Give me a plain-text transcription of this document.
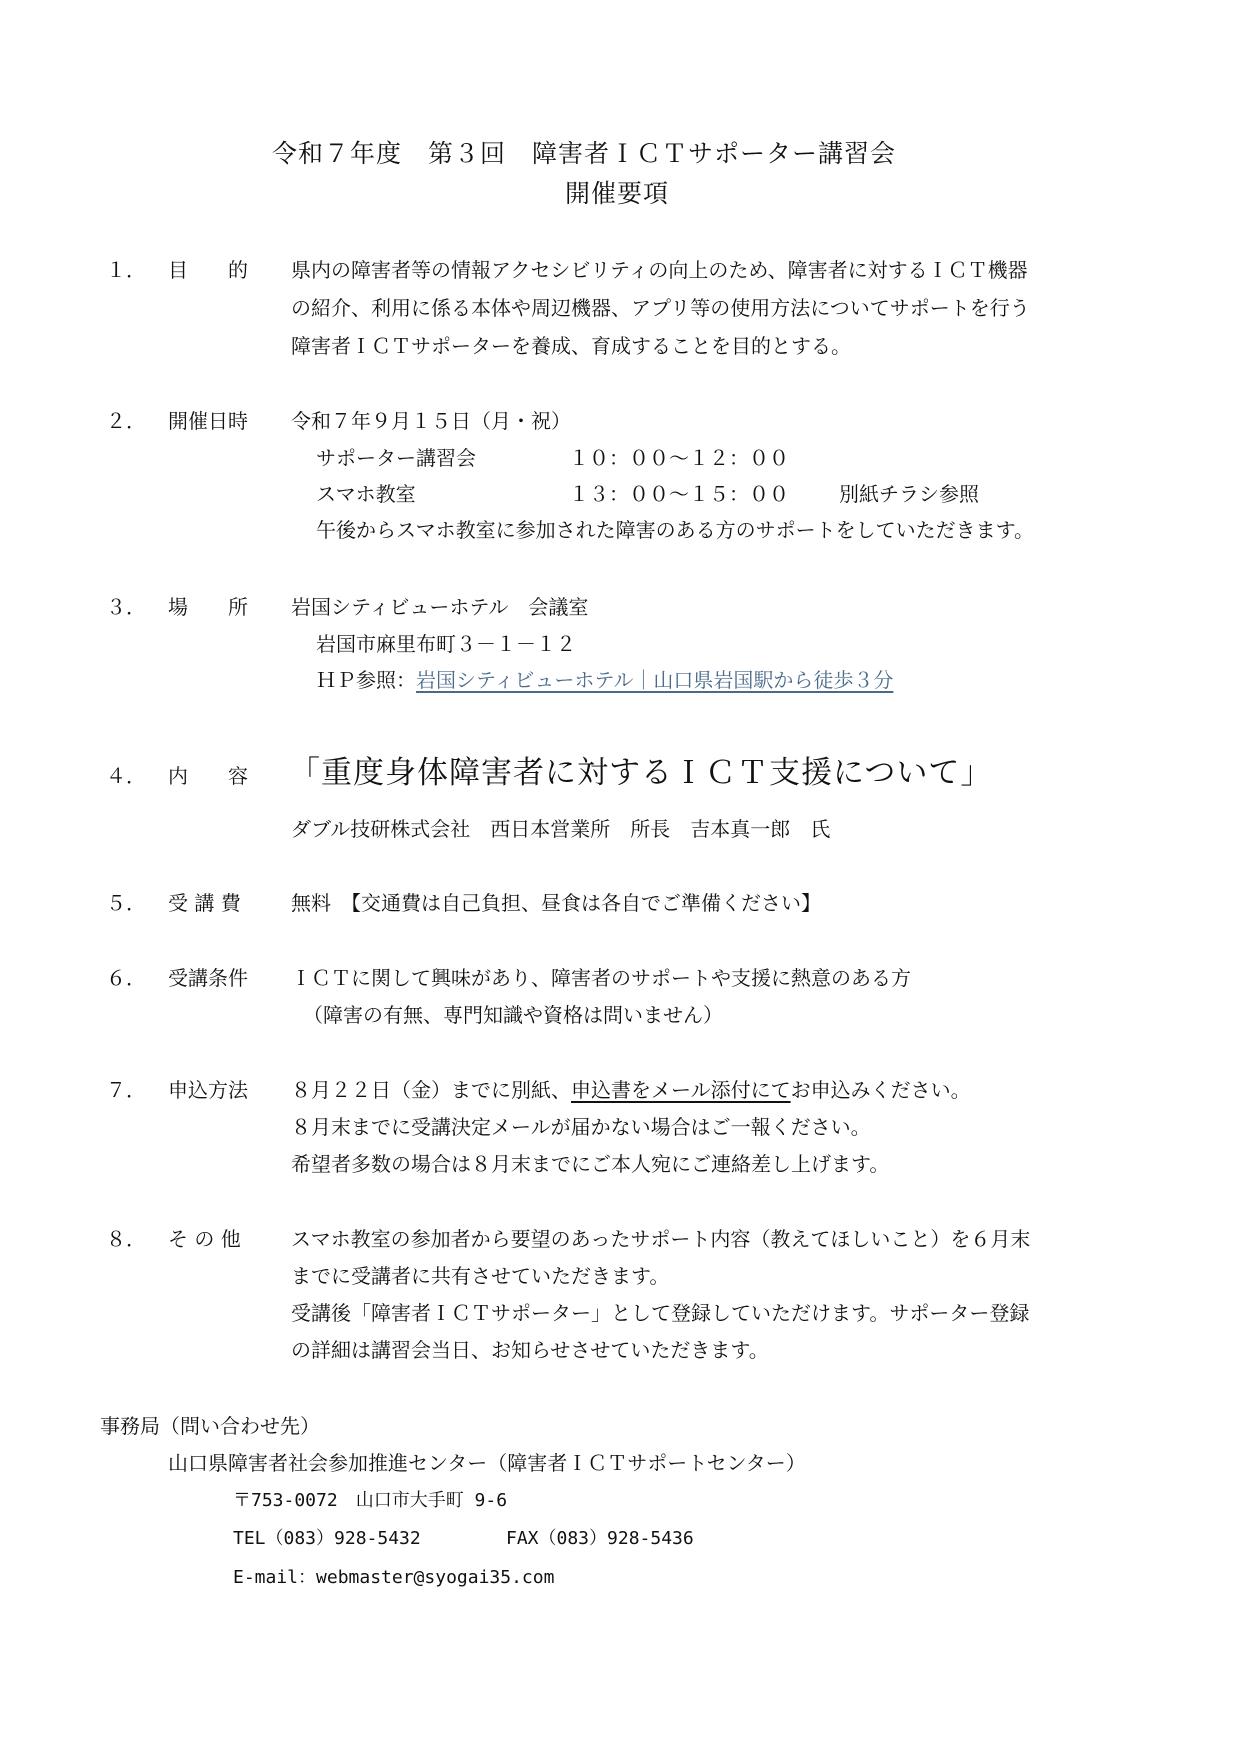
令和７年度　第３回　障害者ＩＣＴサポーター講習会
開催要項
１． 目　　的 県内の障害者等の情報アクセシビリティの向上のため、障害者に対するＩＣＴ機器
の紹介、利用に係る本体や周辺機器、アプリ等の使用方法についてサポートを行う
障害者ＩＣＴサポーターを養成、育成することを目的とする。
２． 開催日時 令和７年９月１５日（月・祝）
サポーター講習会	１０：００～１２：００
スマホ教室	１３：００～１５：００	別紙チラシ参照
午後からスマホ教室に参加された障害のある方のサポートをしていただきます。
３． 場　　所 岩国シティビューホテル　会議室
岩国市麻里布町３－１－１２
ＨＰ参照：岩国シティビューホテル｜山口県岩国駅から徒歩３分
４． 内　　容 「重度身体障害者に対するＩＣＴ支援について」
ダブル技研株式会社　西日本営業所　所長　吉本真一郎　氏
５． 受 講 費	無料　【交通費は自己負担、昼食は各自でご準備ください】
６． 受講条件 ＩＣＴに関して興味があり、障害者のサポートや支援に熱意のある方
（障害の有無、専門知識や資格は問いません）
７． 申込方法 ８月２２日（金）までに別紙、申込書をメール添付にてお申込みください。
８月末までに受講決定メールが届かない場合はご一報ください。
希望者多数の場合は８月末までにご本人宛にご連絡差し上げます。
８． そ の 他	スマホ教室の参加者から要望のあったサポート内容（教えてほしいこと）を６月末
までに受講者に共有させていただきます。
受講後「障害者ＩＣＴサポーター」として登録していただけます。サポーター登録
の詳細は講習会当日、お知らせさせていただきます。
事務局（問い合わせ先）
山口県障害者社会参加推進センター（障害者ＩＣＴサポートセンター）
〒753-0072　山口市大手町 9-6
TEL（083）928-5432	FAX（083）928-5436
E-mail：webmaster@syogai35.com
